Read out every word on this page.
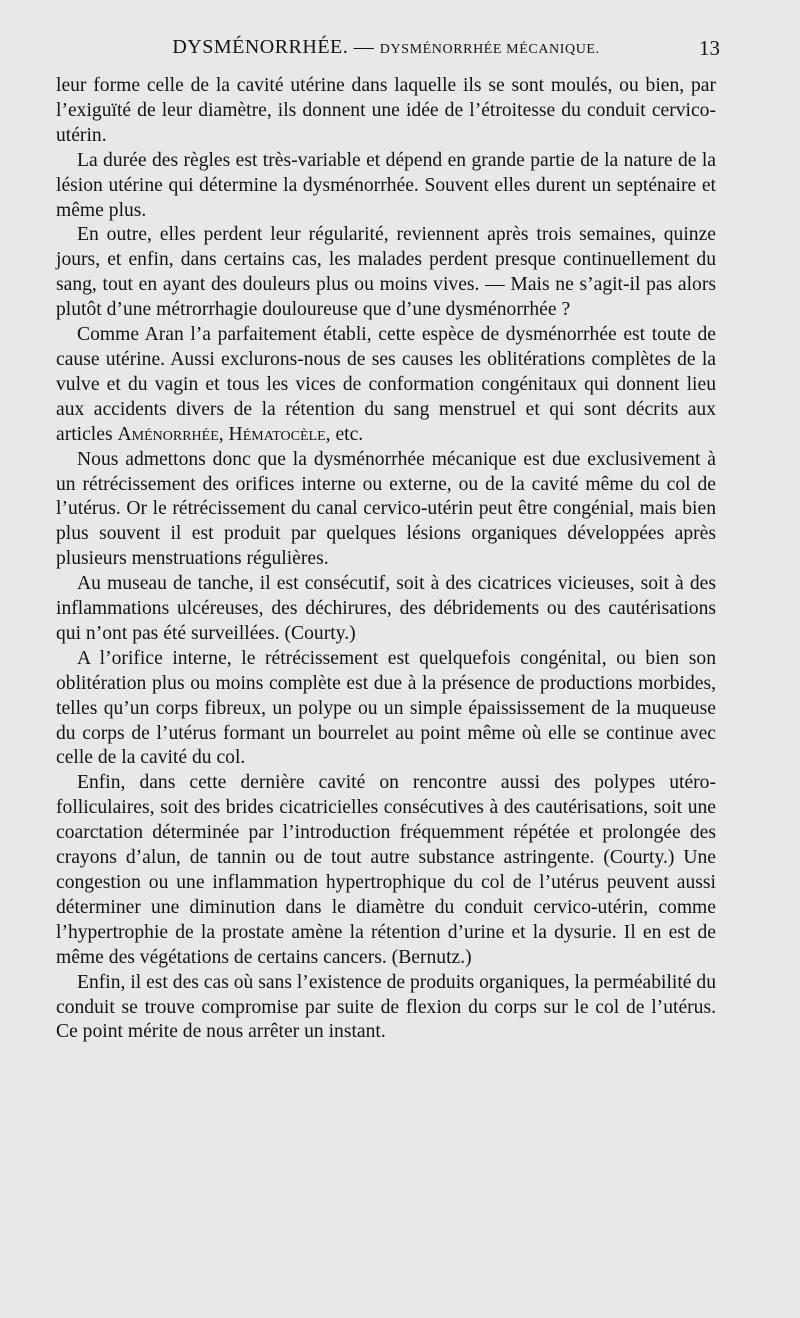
DYSMÉNORRHÉE. — DYSMÉNORRHÉE MÉCANIQUE.	13

leur forme celle de la cavité utérine dans laquelle ils se sont moulés, ou bien, par l’exiguïté de leur diamètre, ils donnent une idée de l’étroitesse du conduit cervico-utérin.

La durée des règles est très-variable et dépend en grande partie de la nature de la lésion utérine qui détermine la dysménorrhée. Souvent elles durent un septénaire et même plus.

En outre, elles perdent leur régularité, reviennent après trois semaines, quinze jours, et enfin, dans certains cas, les malades perdent presque continuellement du sang, tout en ayant des douleurs plus ou moins vives. — Mais ne s’agit-il pas alors plutôt d’une métrorrhagie douloureuse que d’une dysménorrhée ?

Comme Aran l’a parfaitement établi, cette espèce de dysménorrhée est toute de cause utérine. Aussi exclurons-nous de ses causes les oblitérations complètes de la vulve et du vagin et tous les vices de conformation congénitaux qui donnent lieu aux accidents divers de la rétention du sang menstruel et qui sont décrits aux articles Aménorrhée, Hématocèle, etc.

Nous admettons donc que la dysménorrhée mécanique est due exclusivement à un rétrécissement des orifices interne ou externe, ou de la cavité même du col de l’utérus. Or le rétrécissement du canal cervico-utérin peut être congénial, mais bien plus souvent il est produit par quelques lésions organiques développées après plusieurs menstruations régulières.

Au museau de tanche, il est consécutif, soit à des cicatrices vicieuses, soit à des inflammations ulcéreuses, des déchirures, des débridements ou des cautérisations qui n’ont pas été surveillées. (Courty.)

A l’orifice interne, le rétrécissement est quelquefois congénital, ou bien son oblitération plus ou moins complète est due à la présence de productions morbides, telles qu’un corps fibreux, un polype ou un simple épaississement de la muqueuse du corps de l’utérus formant un bourrelet au point même où elle se continue avec celle de la cavité du col.

Enfin, dans cette dernière cavité on rencontre aussi des polypes utéro-folliculaires, soit des brides cicatricielles consécutives à des cautérisations, soit une coarctation déterminée par l’introduction fréquemment répétée et prolongée des crayons d’alun, de tannin ou de tout autre substance astringente. (Courty.) Une congestion ou une inflammation hypertrophique du col de l’utérus peuvent aussi déterminer une diminution dans le diamètre du conduit cervico-utérin, comme l’hypertrophie de la prostate amène la rétention d’urine et la dysurie. Il en est de même des végétations de certains cancers. (Bernutz.)

Enfin, il est des cas où sans l’existence de produits organiques, la perméabilité du conduit se trouve compromise par suite de flexion du corps sur le col de l’utérus. Ce point mérite de nous arrêter un instant.
